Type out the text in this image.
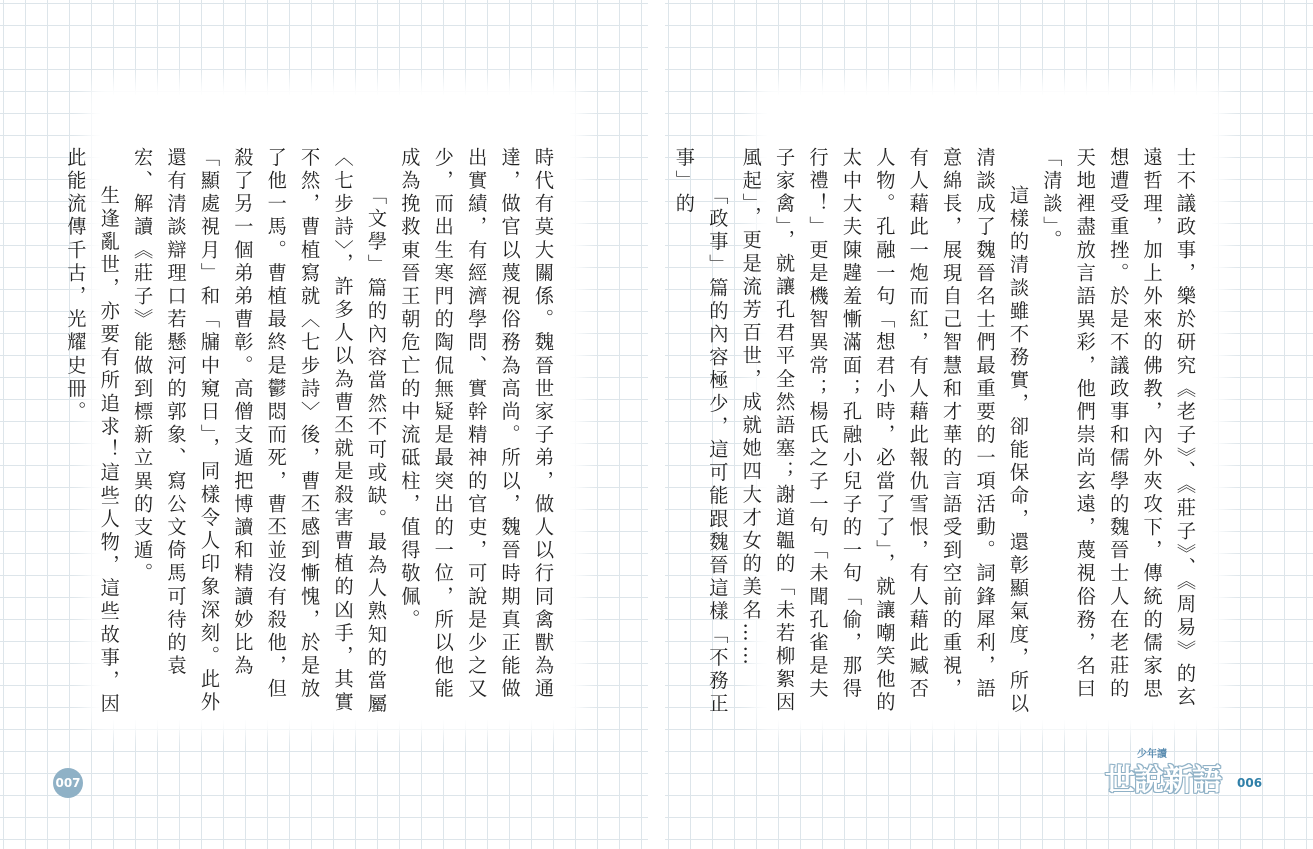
時代有莫大關係。魏晉世家子弟，做人以行同禽獸為通達，做官以蔑視俗務為高尚。所以，魏晉時期真正能做出實績，有經濟學問、實幹精神的官吏，可說是少之又少，而出生寒門的陶侃無疑是最突出的一位，所以他能成為挽救東晉王朝危亡的中流砥柱，值得敬佩。

「文學」篇的內容當然不可或缺。最為人熟知的當屬〈七步詩〉，許多人以為曹丕就是殺害曹植的凶手，其實不然，曹植寫就〈七步詩〉後，曹丕感到慚愧，於是放了他一馬。曹植最終是鬱悶而死，曹丕並沒有殺他，但殺了另一個弟弟曹彰。高僧支遁把博讀和精讀妙比為「顯處視月」和「牖中窺日」，同樣令人印象深刻。此外還有清談辯理口若懸河的郭象、寫公文倚馬可待的袁宏、解讀《莊子》能做到標新立異的支遁。

生逢亂世，亦要有所追求！這些人物，這些故事，因此能流傳千古，光耀史冊。

007

士不議政事，樂於研究《老子》、《莊子》、《周易》的玄遠哲理，加上外來的佛教，內外夾攻下，傳統的儒家思想遭受重挫。於是不議政事和儒學的魏晉士人在老莊的天地裡盡放言語異彩，他們崇尚玄遠，蔑視俗務，名曰「清談」。

這樣的清談雖不務實，卻能保命，還彰顯氣度，所以清談成了魏晉名士們最重要的一項活動。詞鋒犀利，語意綿長，展現自己智慧和才華的言語受到空前的重視，有人藉此一炮而紅，有人藉此報仇雪恨，有人藉此臧否人物。孔融一句「想君小時，必當了了」，就讓嘲笑他的太中大夫陳韙羞慚滿面；孔融小兒子的一句「偷，那得行禮！」更是機智異常；楊氏之子一句「未聞孔雀是夫子家禽」，就讓孔君平全然語塞；謝道韞的「未若柳絮因風起」，更是流芳百世，成就她四大才女的美名……

「政事」篇的內容極少，這可能跟魏晉這樣「不務正事」的

少年讀
世說新語 006
